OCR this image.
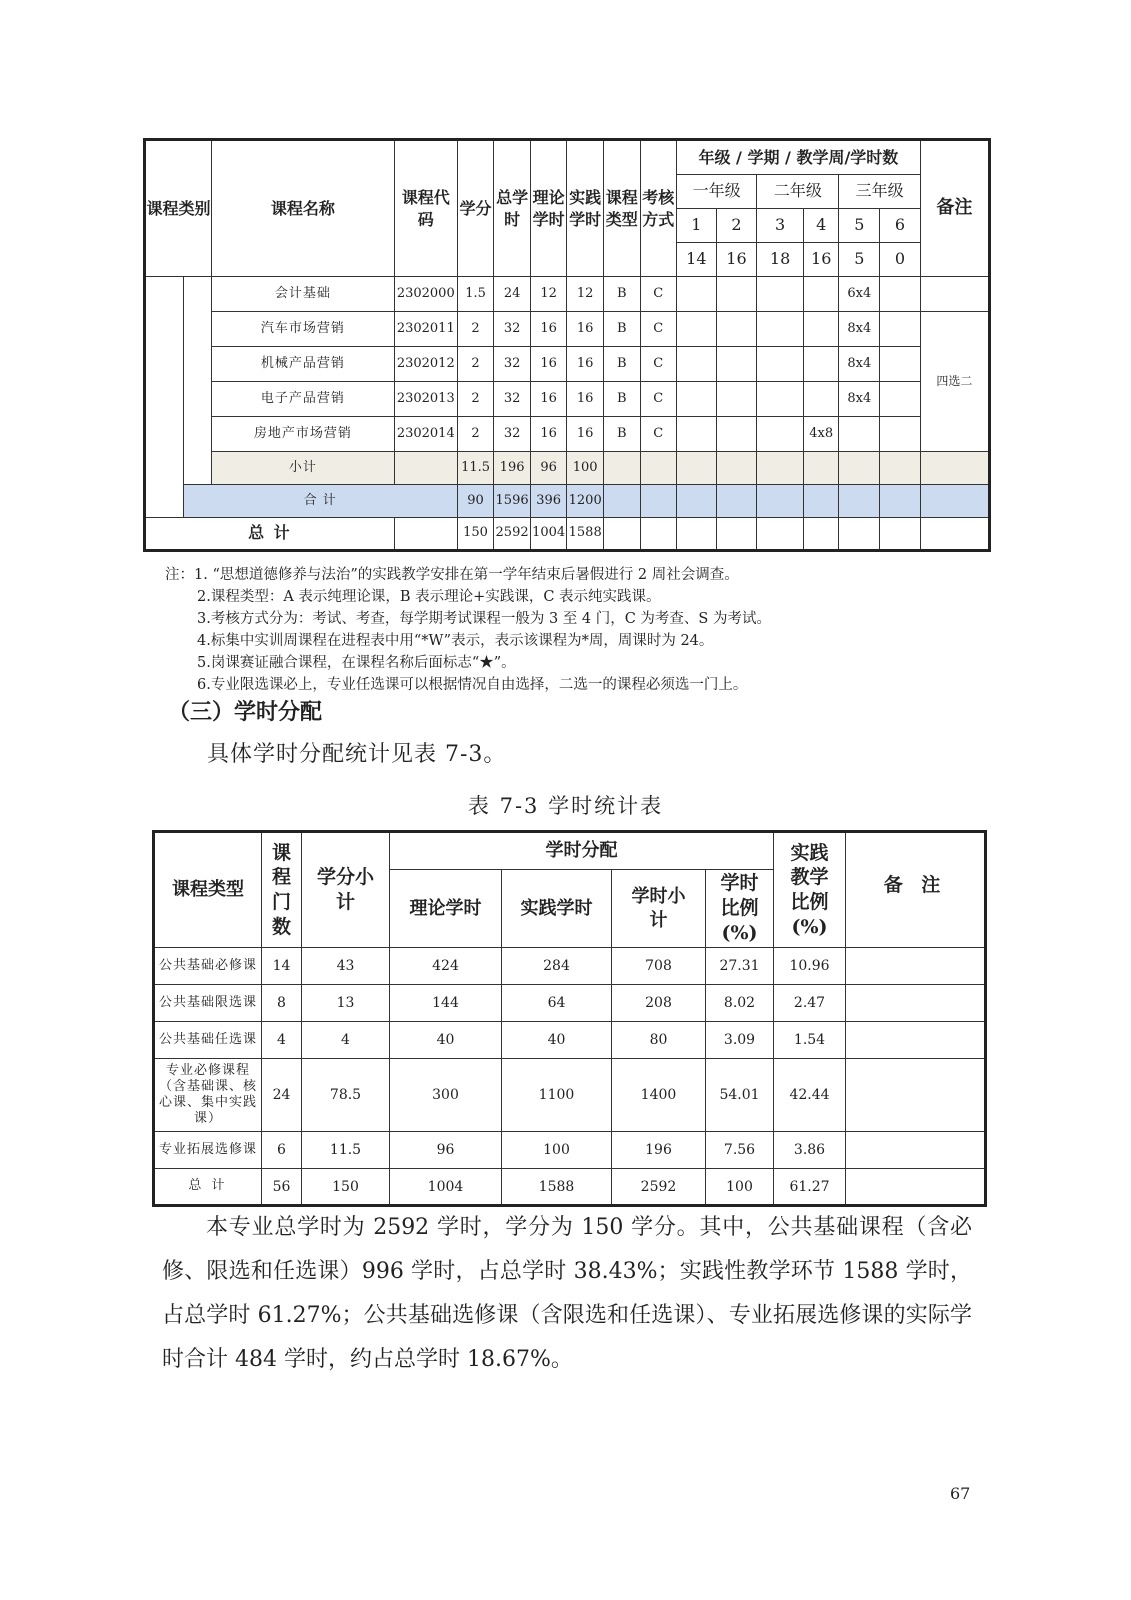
课程类别		课程名称	课程代码	学分	总学时	理论学时	实践学时	课程类型	考核方式	年级 / 学期 / 教学周/学时数						备注
										一年级		二年级		三年级		
										1	2	3	4	5	6	
										14	16	18	16	5	0	
		会计基础	2302000	1.5	24	12	12	B	C					6x4		
		汽车市场营销	2302011	2	32	16	16	B	C					8x4		四选二
		机械产品营销	2302012	2	32	16	16	B	C					8x4		
		电子产品营销	2302013	2	32	16	16	B	C					8x4		
		房地产市场营销	2302014	2	32	16	16	B	C				4x8			
		小计		11.5	196	96	100									
	合 计			90	1596	396	1200									
总 计				150	2592	1004	1588									
注：1. “思想道德修养与法治”的实践教学安排在第一学年结束后暑假进行 2 周社会调查。
2.课程类型：A 表示纯理论课，B 表示理论+实践课，C 表示纯实践课。
3.考核方式分为：考试、考查，每学期考试课程一般为 3 至 4 门，C 为考查、S 为考试。
4.标集中实训周课程在进程表中用“*W”表示，表示该课程为*周，周课时为 24。
5.岗课赛证融合课程，在课程名称后面标志“★”。
6.专业限选课必上，专业任选课可以根据情况自由选择，二选一的课程必须选一门上。
（三）学时分配
具体学时分配统计见表 7-3。
表 7-3 学时统计表
课程类型	课程门数	学分小计	学时分配				实践教学比例(%)	备 注
			理论学时	实践学时	学时小计	学时比例(%)		
公共基础必修课	14	43	424	284	708	27.31	10.96	
公共基础限选课	8	13	144	64	208	8.02	2.47	
公共基础任选课	4	4	40	40	80	3.09	1.54	
专业必修课程（含基础课、核心课、集中实践课）	24	78.5	300	1100	1400	54.01	42.44	
专业拓展选修课	6	11.5	96	100	196	7.56	3.86	
总 计	56	150	1004	1588	2592	100	61.27	

本专业总学时为 2592 学时，学分为 150 学分。其中，公共基础课程（含必修、限选和任选课）996 学时，占总学时 38.43%；实践性教学环节 1588 学时，占总学时 61.27%；公共基础选修课（含限选和任选课）、专业拓展选修课的实际学时合计 484 学时，约占总学时 18.67%。

67
